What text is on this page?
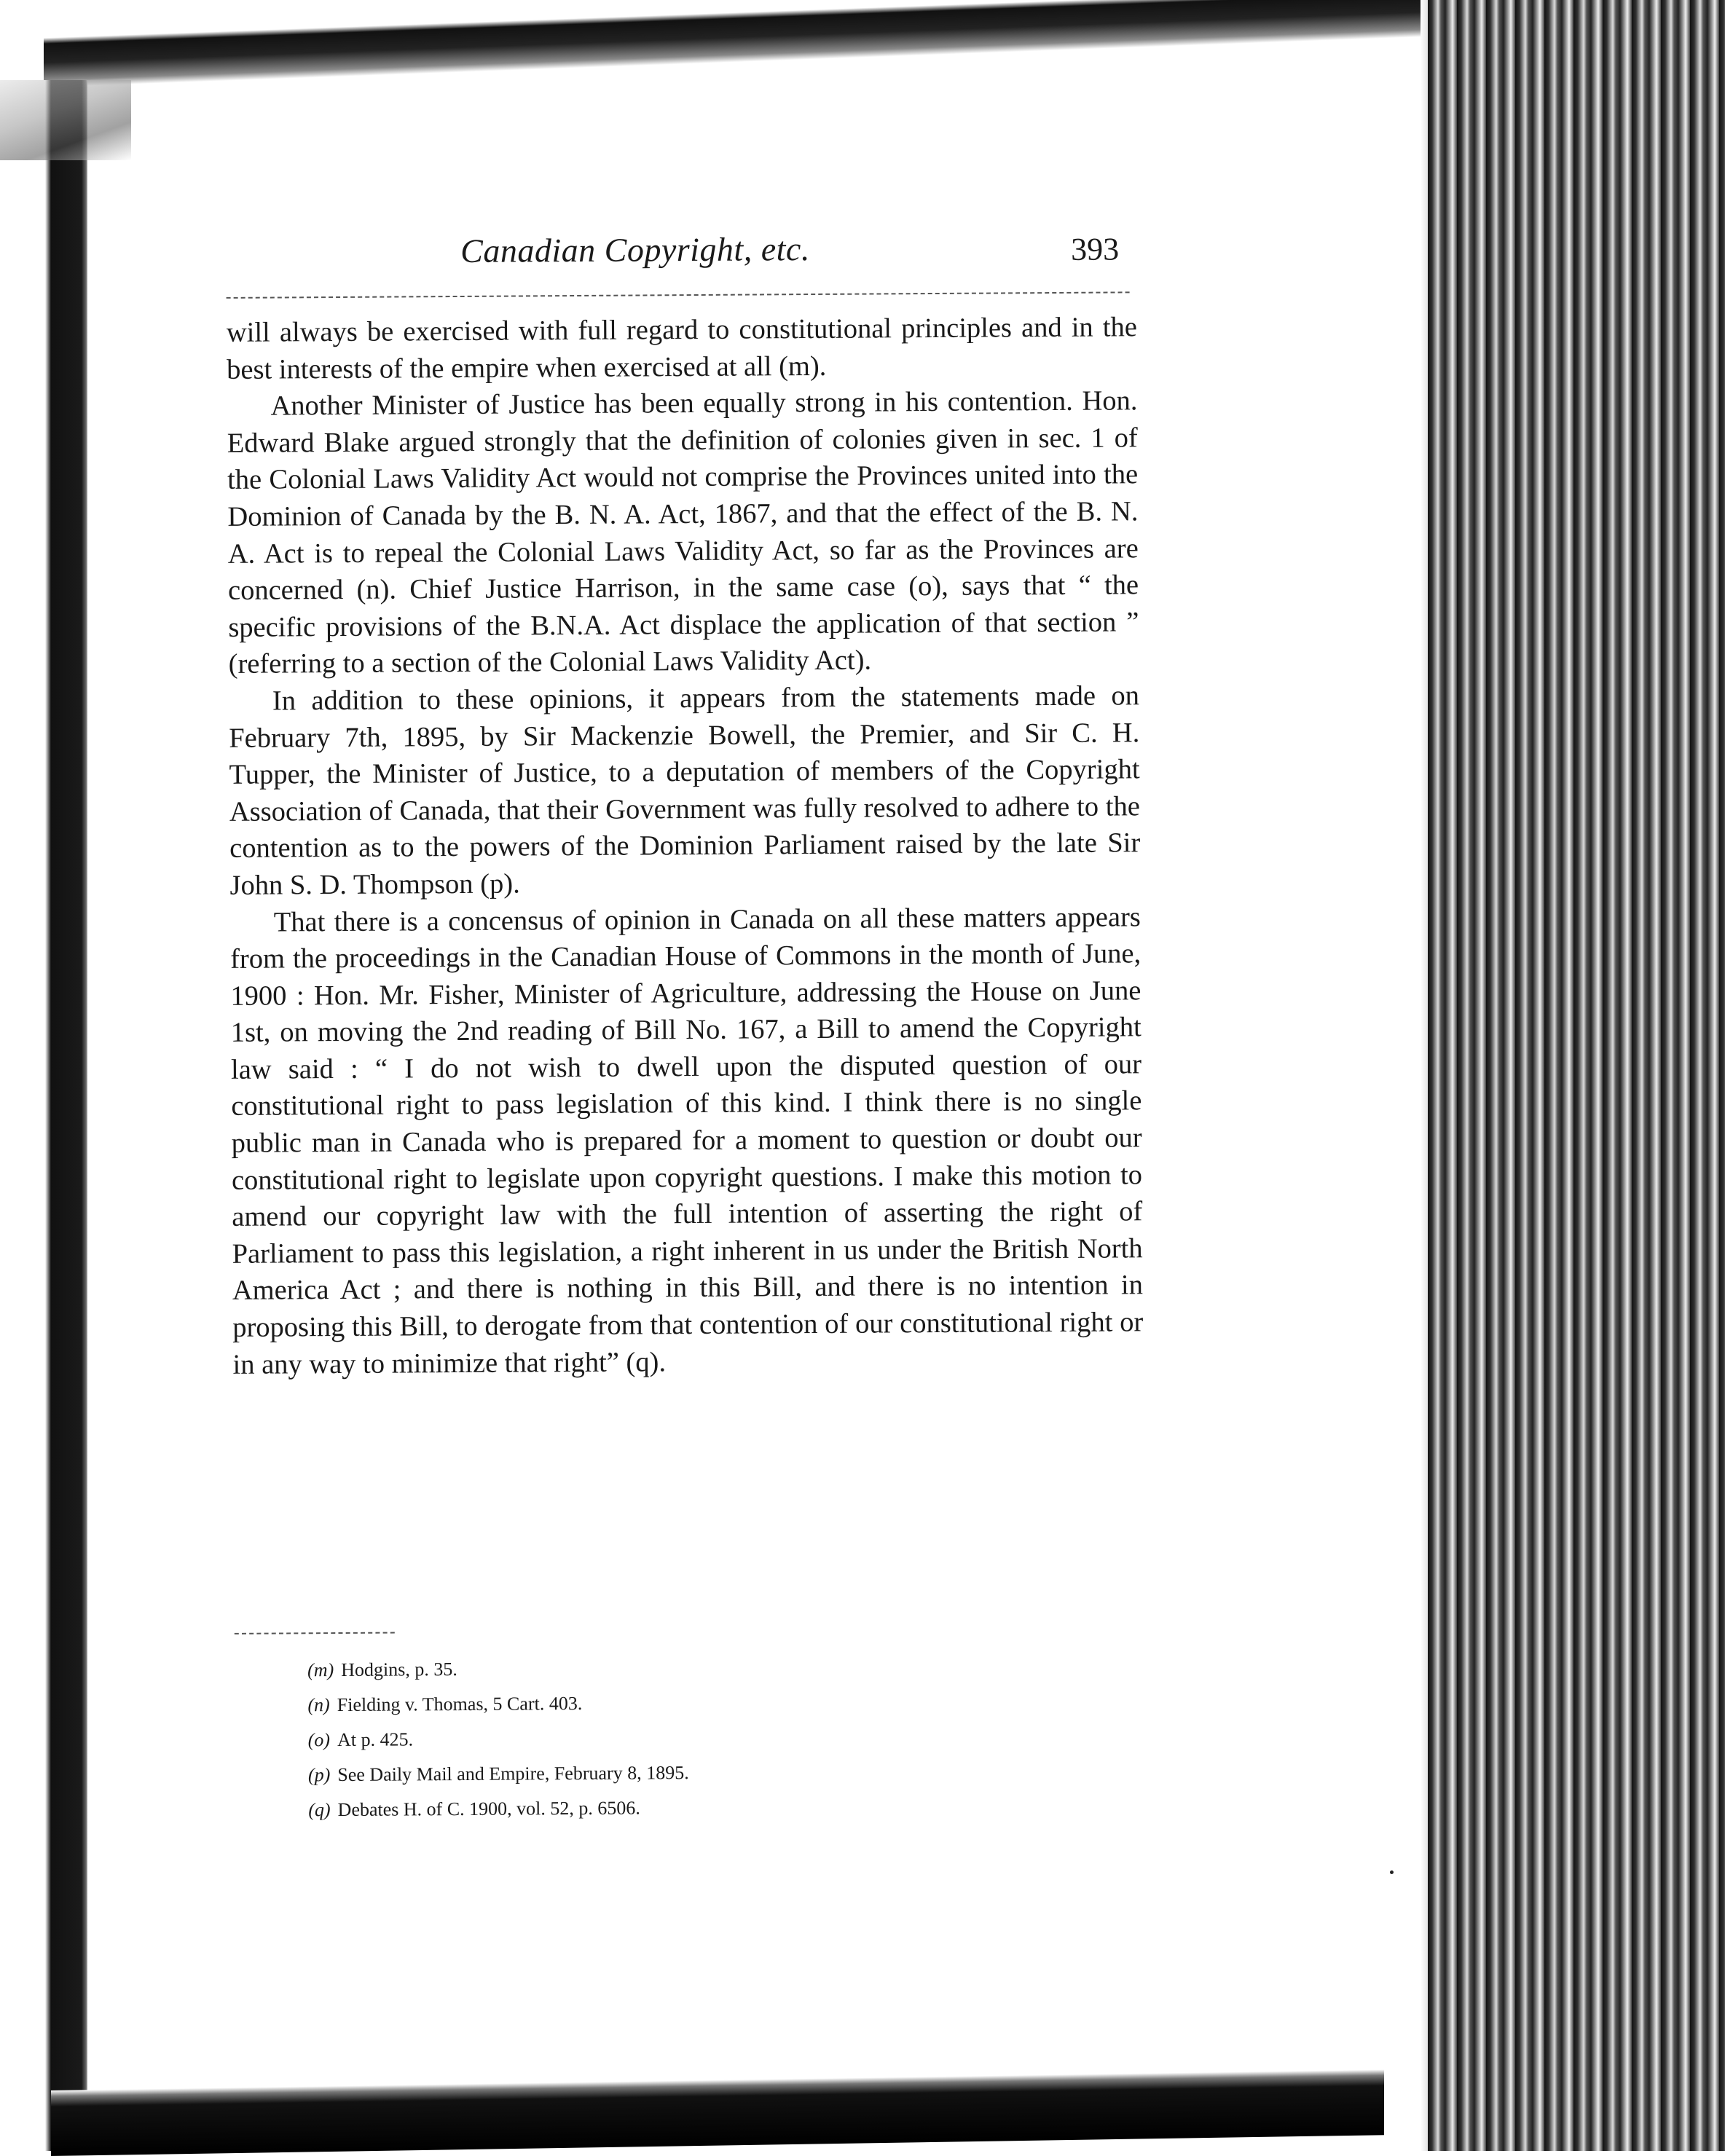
Canadian Copyright, etc.	393

will always be exercised with full regard to constitutional principles and in the best interests of the empire when exercised at all (m).

Another Minister of Justice has been equally strong in his contention. Hon. Edward Blake argued strongly that the definition of colonies given in sec. 1 of the Colonial Laws Validity Act would not comprise the Provinces united into the Dominion of Canada by the B. N. A. Act, 1867, and that the effect of the B. N. A. Act is to repeal the Colonial Laws Validity Act, so far as the Provinces are concerned (n). Chief Justice Harrison, in the same case (o), says that “ the specific provisions of the B.N.A. Act displace the application of that section ” (referring to a section of the Colonial Laws Validity Act).

In addition to these opinions, it appears from the statements made on February 7th, 1895, by Sir Mackenzie Bowell, the Premier, and Sir C. H. Tupper, the Minister of Justice, to a deputation of members of the Copyright Association of Canada, that their Government was fully resolved to adhere to the contention as to the powers of the Dominion Parliament raised by the late Sir John S. D. Thompson (p).

That there is a concensus of opinion in Canada on all these matters appears from the proceedings in the Canadian House of Commons in the month of June, 1900 : Hon. Mr. Fisher, Minister of Agriculture, addressing the House on June 1st, on moving the 2nd reading of Bill No. 167, a Bill to amend the Copyright law said : “ I do not wish to dwell upon the disputed question of our constitutional right to pass legislation of this kind. I think there is no single public man in Canada who is prepared for a moment to question or doubt our constitutional right to legislate upon copyright questions. I make this motion to amend our copyright law with the full intention of asserting the right of Parliament to pass this legislation, a right inherent in us under the British North America Act ; and there is nothing in this Bill, and there is no intention in proposing this Bill, to derogate from that contention of our constitutional right or in any way to minimize that right” (q).

(m) Hodgins, p. 35.

(n) Fielding v. Thomas, 5 Cart. 403.

(o) At p. 425.

(p) See Daily Mail and Empire, February 8, 1895.

(q) Debates H. of C. 1900, vol. 52, p. 6506.
